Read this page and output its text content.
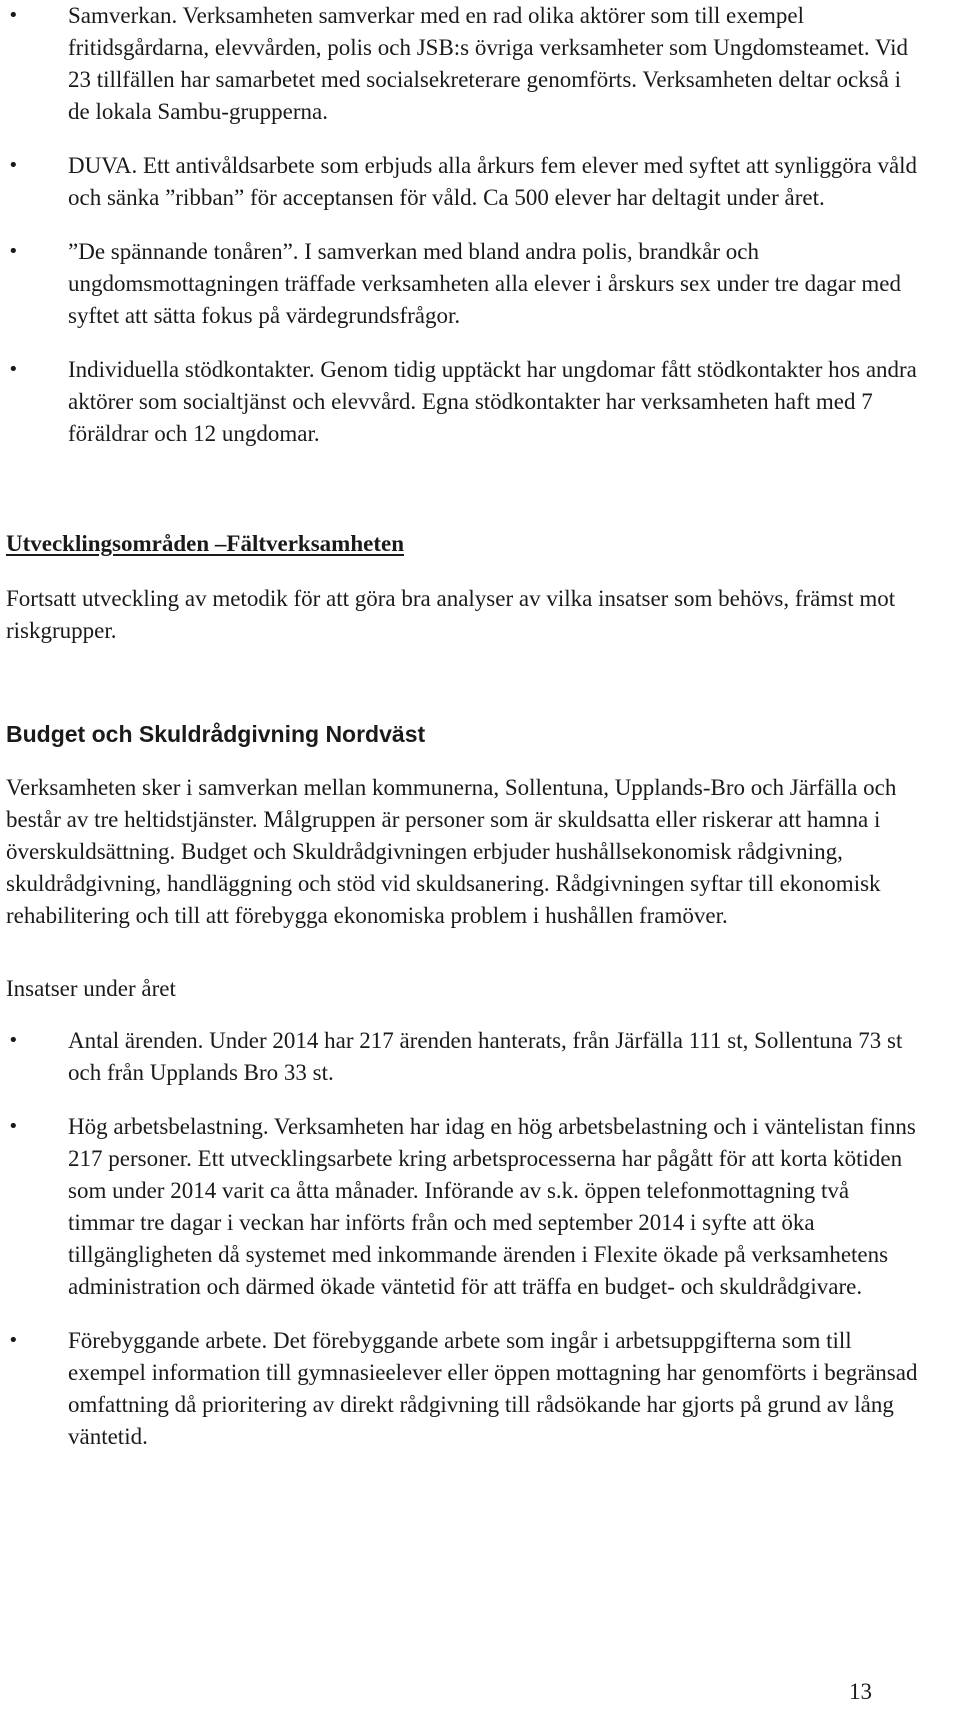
•	Samverkan. Verksamheten samverkar med en rad olika aktörer som till exempel fritidsgårdarna, elevvården, polis och JSB:s övriga verksamheter som Ungdomsteamet. Vid 23 tillfällen har samarbetet med socialsekreterare genomförts. Verksamheten deltar också i de lokala Sambu-grupperna.
•	DUVA. Ett antivåldsarbete som erbjuds alla årkurs fem elever med syftet att synliggöra våld och sänka ”ribban” för acceptansen för våld. Ca 500 elever har deltagit under året.
•	”De spännande tonåren”. I samverkan med bland andra polis, brandkår och ungdomsmottagningen träffade verksamheten alla elever i årskurs sex under tre dagar med syftet att sätta fokus på värdegrundsfrågor.
•	Individuella stödkontakter. Genom tidig upptäckt har ungdomar fått stödkontakter hos andra aktörer som socialtjänst och elevvård. Egna stödkontakter har verksamheten haft med 7 föräldrar och 12 ungdomar.
Utvecklingsområden –Fältverksamheten

Fortsatt utveckling av metodik för att göra bra analyser av vilka insatser som behövs, främst mot riskgrupper.

Budget och Skuldrådgivning Nordväst

Verksamheten sker i samverkan mellan kommunerna, Sollentuna, Upplands-Bro och Järfälla och består av tre heltidstjänster. Målgruppen är personer som är skuldsatta eller riskerar att hamna i överskuldsättning. Budget och Skuldrådgivningen erbjuder hushållsekonomisk rådgivning, skuldrådgivning, handläggning och stöd vid skuldsanering. Rådgivningen syftar till ekonomisk rehabilitering och till att förebygga ekonomiska problem i hushållen framöver.

Insatser under året

•	Antal ärenden. Under 2014 har 217 ärenden hanterats, från Järfälla 111 st, Sollentuna 73 st och från Upplands Bro 33 st.
•	Hög arbetsbelastning. Verksamheten har idag en hög arbetsbelastning och i väntelistan finns 217 personer. Ett utvecklingsarbete kring arbetsprocesserna har pågått för att korta kötiden som under 2014 varit ca åtta månader. Införande av s.k. öppen telefonmottagning två timmar tre dagar i veckan har införts från och med september 2014 i syfte att öka tillgängligheten då systemet med inkommande ärenden i Flexite ökade på verksamhetens administration och därmed ökade väntetid för att träffa en budget- och skuldrådgivare.
•	Förebyggande arbete. Det förebyggande arbete som ingår i arbetsuppgifterna som till exempel information till gymnasieelever eller öppen mottagning har genomförts i begränsad omfattning då prioritering av direkt rådgivning till rådsökande har gjorts på grund av lång väntetid.
13
